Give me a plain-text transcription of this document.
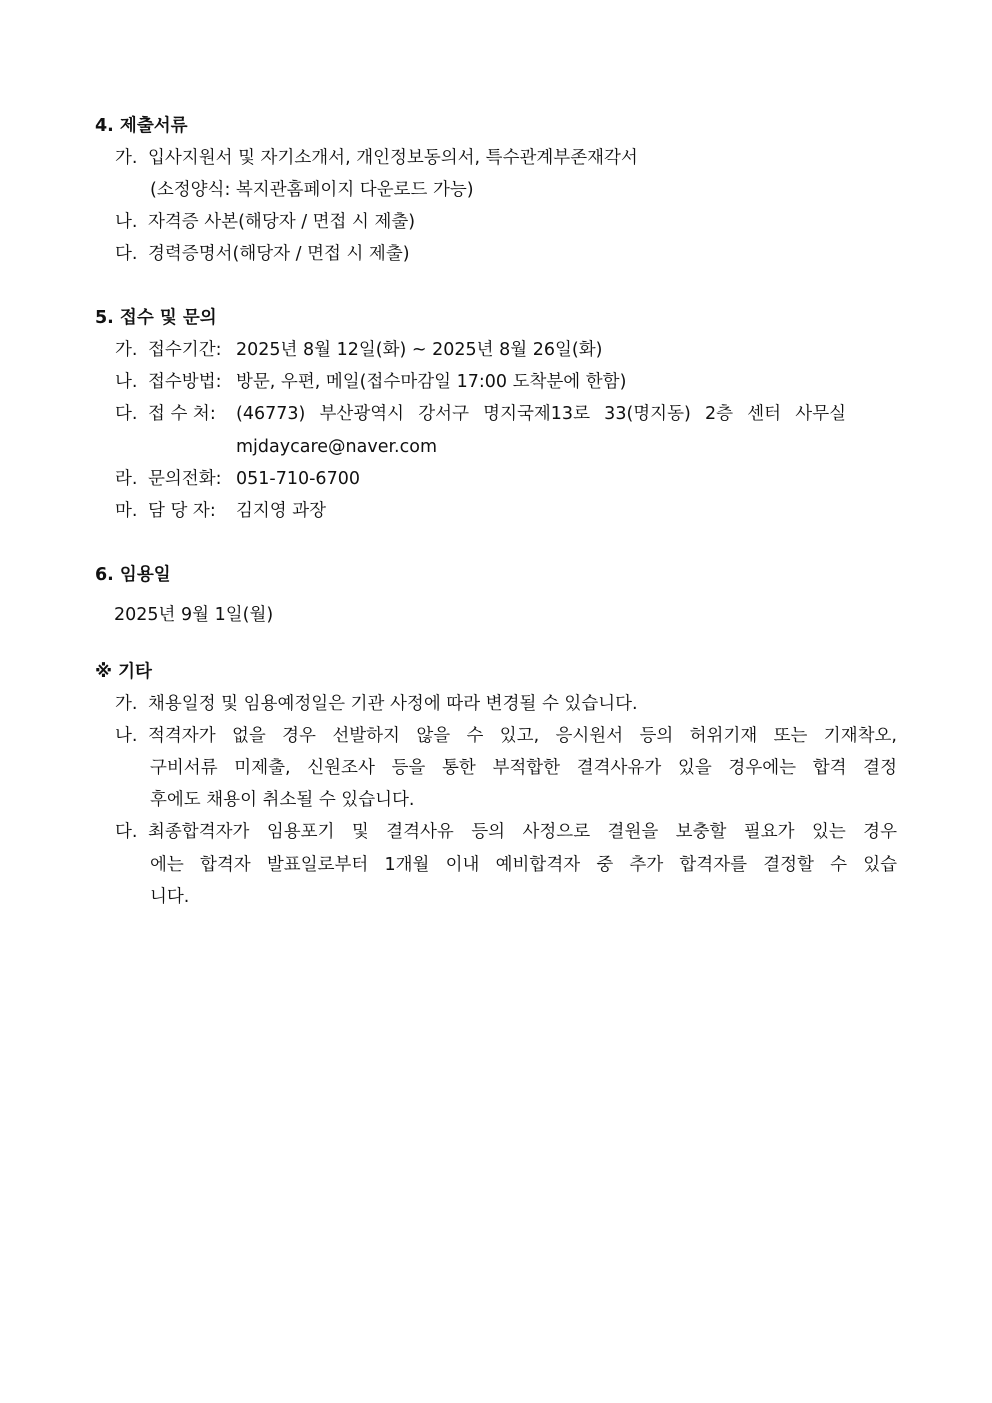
4. 제출서류
가. 입사지원서 및 자기소개서, 개인정보동의서, 특수관계부존재각서
(소정양식: 복지관홈페이지 다운로드 가능)
나. 자격증 사본(해당자 / 면접 시 제출)
다. 경력증명서(해당자 / 면접 시 제출)
5. 접수 및 문의
가. 접수기간: 2025년 8월 12일(화) ~ 2025년 8월 26일(화)
나. 접수방법: 방문, 우편, 메일(접수마감일 17:00 도착분에 한함)
다. 접 수 처: (46773) 부산광역시 강서구 명지국제13로 33(명지동) 2층 센터 사무실
mjdaycare@naver.com
라. 문의전화: 051-710-6700
마. 담 당 자: 김지영 과장
6. 임용일
2025년 9월 1일(월)
※ 기타
가. 채용일정 및 임용예정일은 기관 사정에 따라 변경될 수 있습니다.
나. 적격자가 없을 경우 선발하지 않을 수 있고, 응시원서 등의 허위기재 또는 기재착오,
구비서류 미제출, 신원조사 등을 통한 부적합한 결격사유가 있을 경우에는 합격 결정
후에도 채용이 취소될 수 있습니다.
다. 최종합격자가 임용포기 및 결격사유 등의 사정으로 결원을 보충할 필요가 있는 경우
에는 합격자 발표일로부터 1개월 이내 예비합격자 중 추가 합격자를 결정할 수 있습
니다.
